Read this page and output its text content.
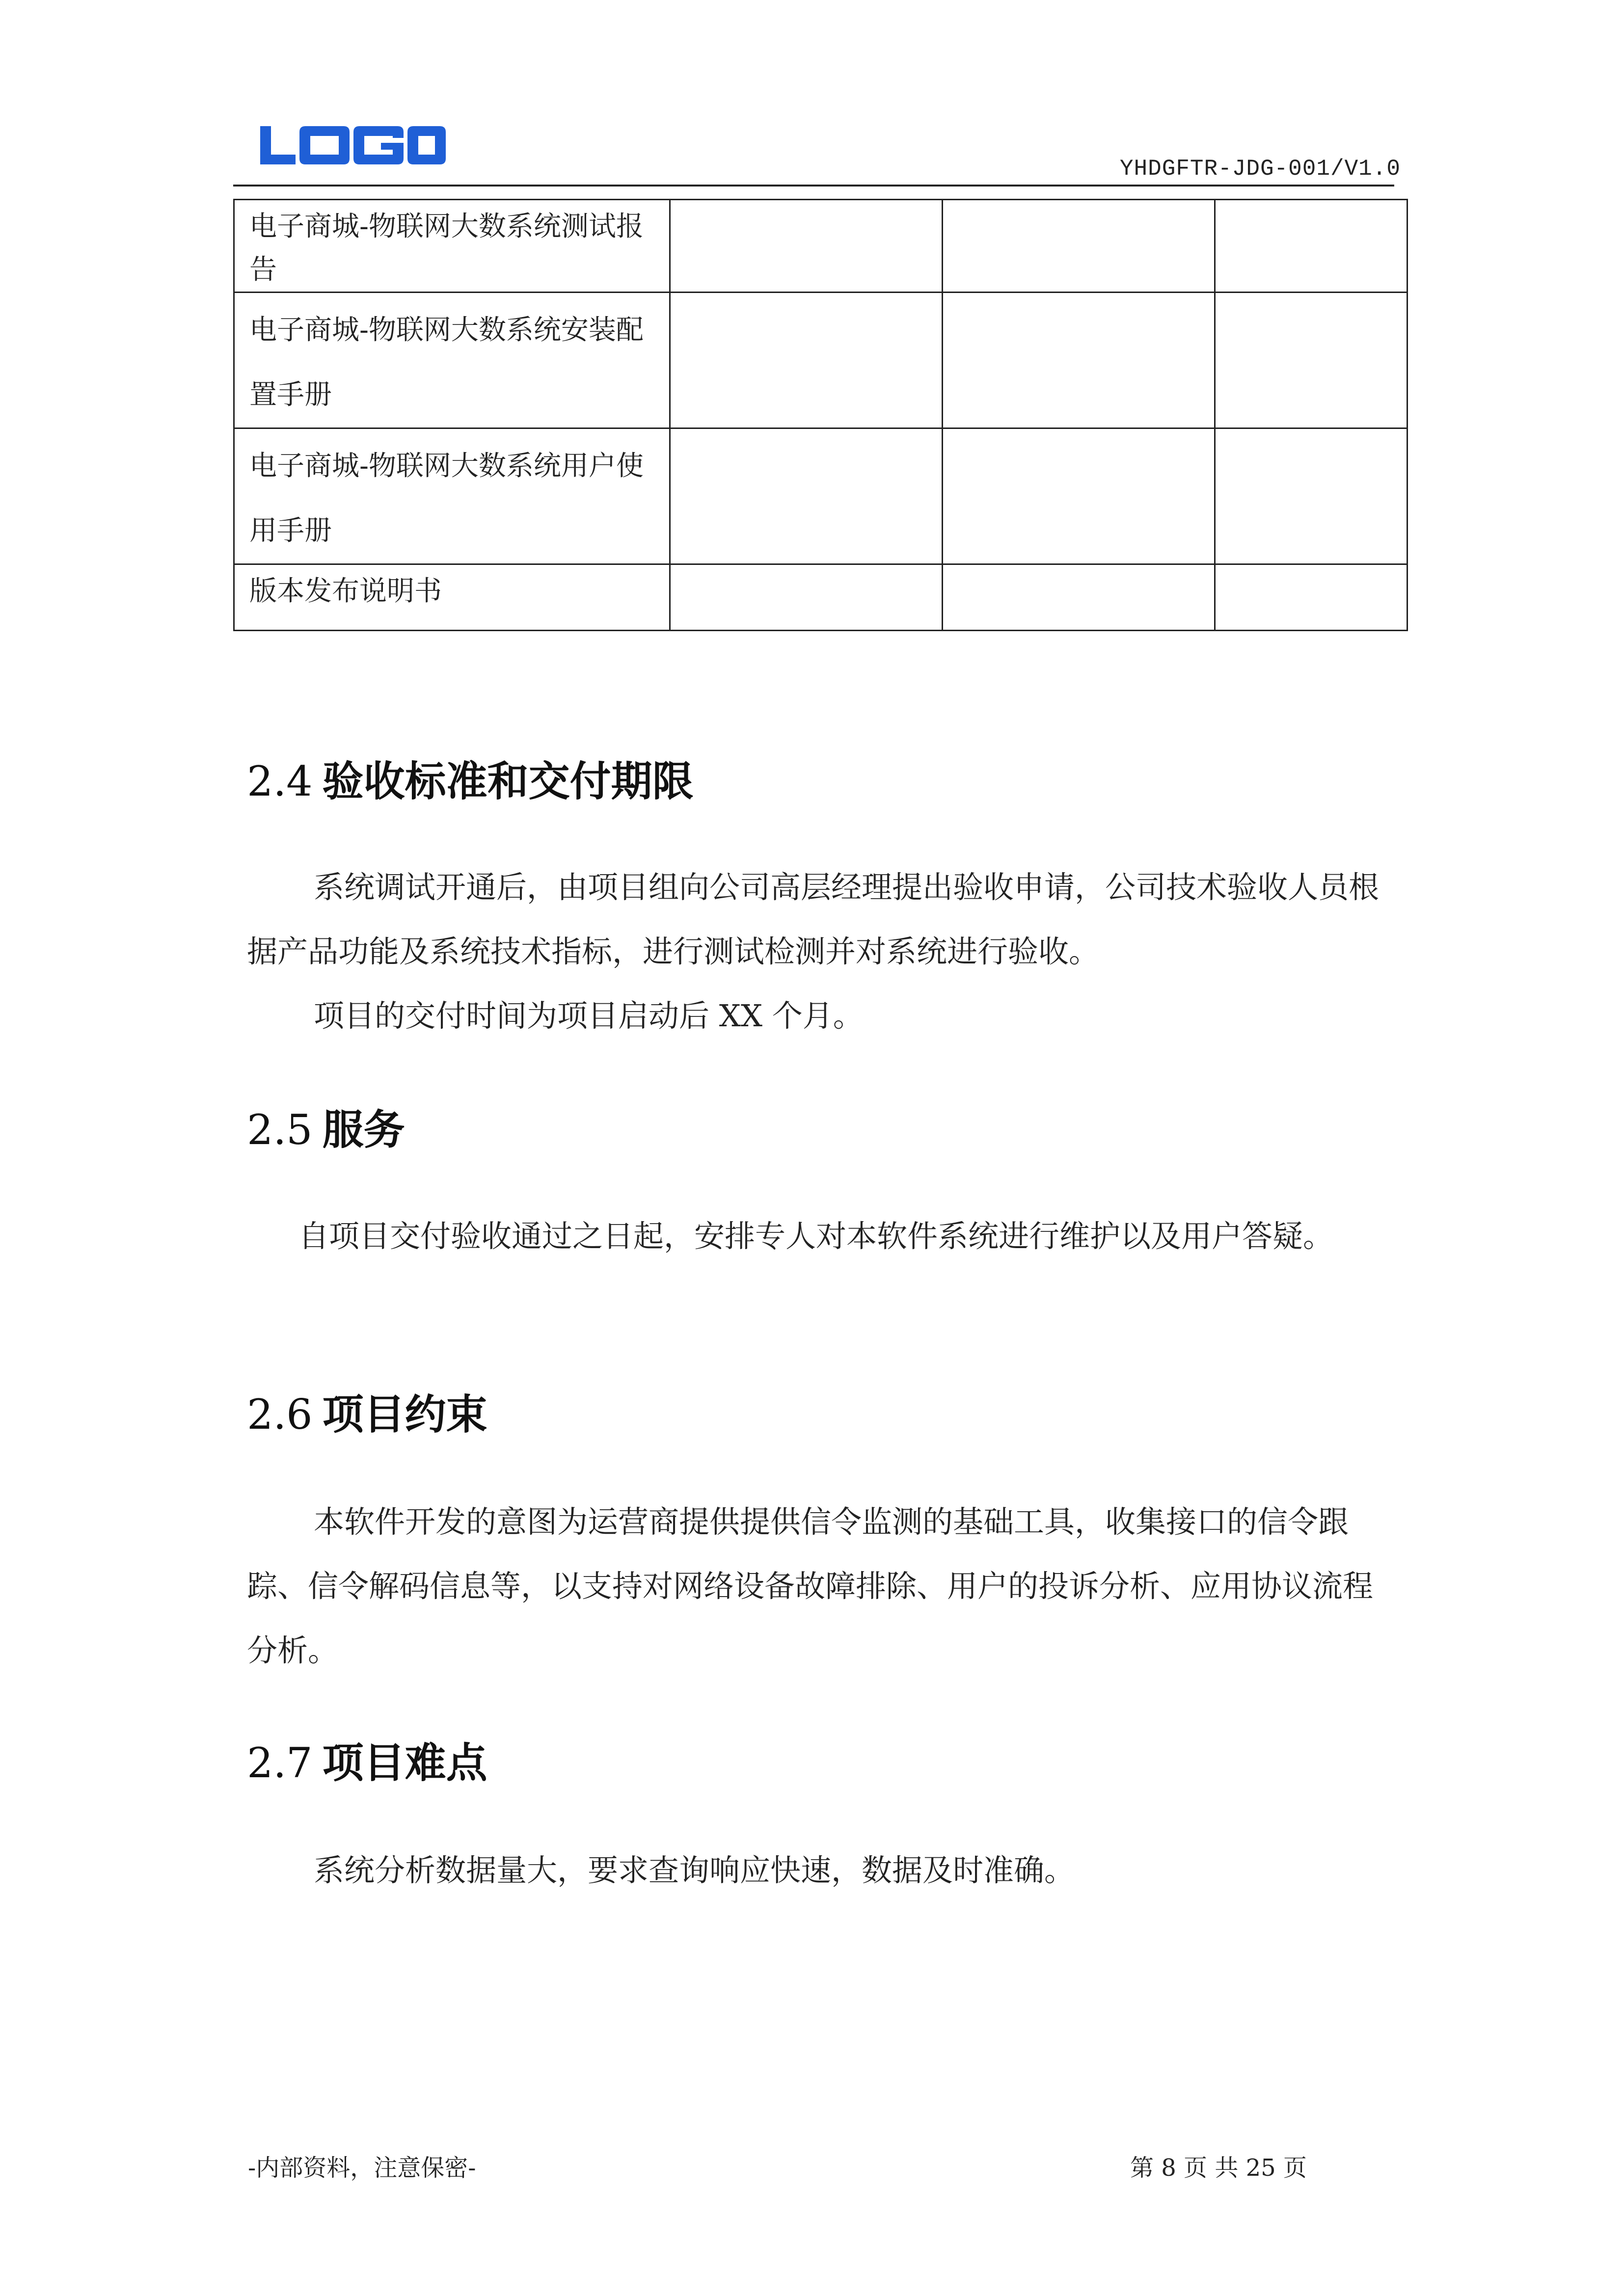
YHDGFTR-JDG-001/V1.0
电子商城-物联网大数系统测试报告			

电子商城-物联网大数系统安装配置手册			
电子商城-物联网大数系统用户使用手册			
版本发布说明书			
2.4 验收标准和交付期限

系统调试开通后，由项目组向公司高层经理提出验收申请，公司技术验收人员根据产品功能及系统技术指标，进行测试检测并对系统进行验收。

项目的交付时间为项目启动后 XX 个月。

2.5 服务

自项目交付验收通过之日起，安排专人对本软件系统进行维护以及用户答疑。

2.6 项目约束

本软件开发的意图为运营商提供提供信令监测的基础工具，收集接口的信令跟踪、信令解码信息等，以支持对网络设备故障排除、用户的投诉分析、应用协议流程分析。

2.7 项目难点

系统分析数据量大，要求查询响应快速，数据及时准确。

-内部资料，注意保密-	第 8 页 共 25 页
